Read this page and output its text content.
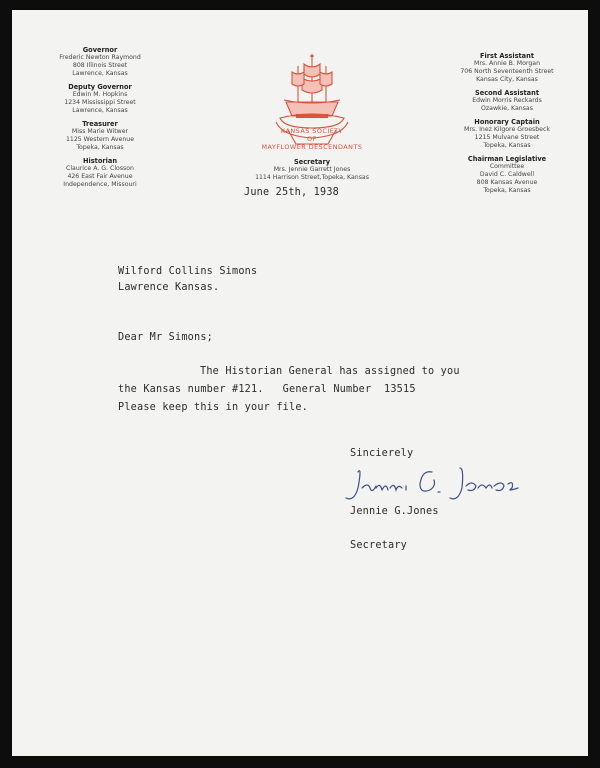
Governor
Frederic Newton Raymond
808 Illinois Street
Lawrence, Kansas
Deputy Governor
Edwin M. Hopkins
1234 Mississippi Street
Lawrence, Kansas
Treasurer
Miss Marie Witwer
1125 Western Avenue
Topeka, Kansas
Historian
Claurice A. G. Closson
426 East Fair Avenue
Independence, Missouri
KANSAS SOCIETY
OF
MAYFLOWER DESCENDANTS
Secretary
Mrs. Jennie Garrett Jones
1114 Harrison Street,Topeka, Kansas
First Assistant
Mrs. Annie B. Morgan
706 North Seventeenth Street
Kansas City, Kansas
Second Assistant
Edwin Morris Reckards
Ozawkie, Kansas
Honorary Captain
Mrs. Inez Kilgore Groesbeck
1215 Mulvane Street
Topeka, Kansas
Chairman Legislative
Committee
David C. Caldwell
808 Kansas Avenue
Topeka, Kansas
June 25th, 1938
Wilford Collins Simons
Lawrence Kansas.
Dear Mr Simons;
The Historian General has assigned to you
the Kansas number #121.   General Number  13515
Please keep this in your file.
Sincierely
Jennie G.Jones
Secretary
